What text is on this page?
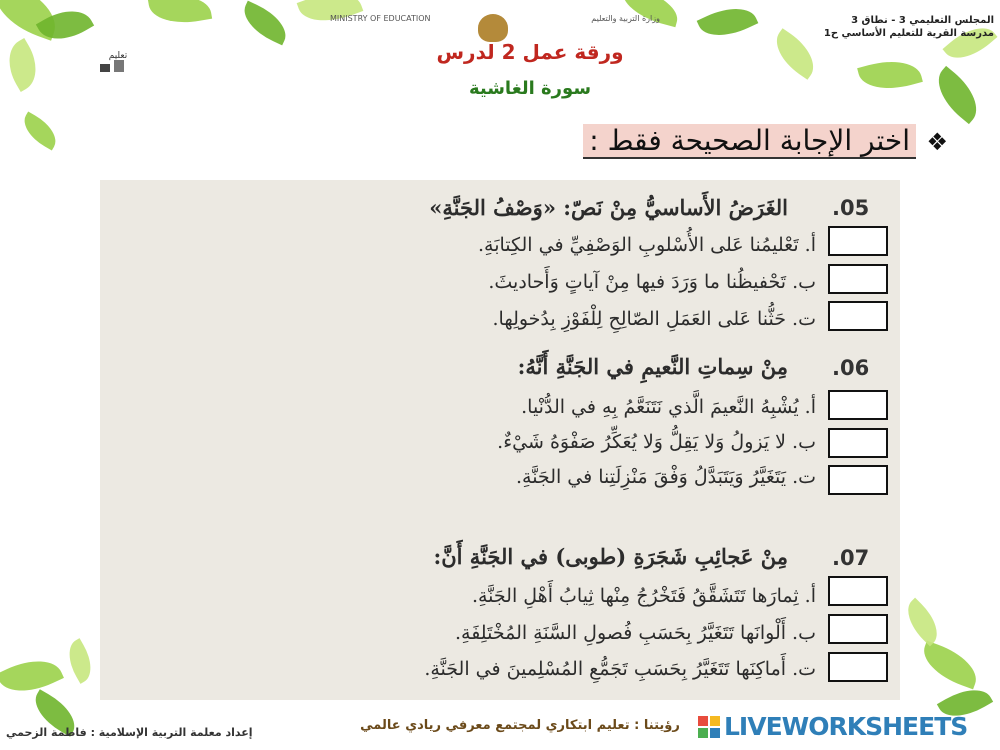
المجلس التعليمي 3 - نطاق 3
مدرسة القرية للتعليم الأساسي ح1
MINISTRY OF EDUCATION	وزارة التربية والتعليم
تعليم	ورقة عمل 2 لدرس
سورة الغاشية
اختر الإجابة الصحيحة فقط : ❖
.05
الغَرَضُ الأَساسيُّ مِنْ نَصّ: «وَصْفُ الجَنَّةِ»
أ. تَعْليمُنا عَلى الأُسْلوبِ الوَصْفِيِّ في الكِتابَةِ.
ب. تَحْفيظُنا ما وَرَدَ فيها مِنْ آياتٍ وَأَحاديثَ.
ت. حَثُّنا عَلى العَمَلِ الصّالِحِ لِلْفَوْزِ بِدُخولِها.
.06
مِنْ سِماتِ النَّعيمِ في الجَنَّةِ أَنَّهُ:
أ. يُشْبِهُ النَّعيمَ الَّذي نَتَنَعَّمُ بِهِ في الدُّنْيا.
ب. لا يَزولُ وَلا يَقِلُّ وَلا يُعَكِّرُ صَفْوَهُ شَيْءٌ.
ت. يَتَغَيَّرُ وَيَتَبَدَّلُ وَفْقَ مَنْزِلَتِنا في الجَنَّةِ.
.07
مِنْ عَجائِبِ شَجَرَةِ (طوبى) في الجَنَّةِ أَنَّ:
أ. ثِمارَها تَتَشَقَّقُ فَتَخْرُجُ مِنْها ثِيابُ أَهْلِ الجَنَّةِ.
ب. أَلْوانَها تَتَغَيَّرُ بِحَسَبِ فُصولِ السَّنَةِ المُخْتَلِفَةِ.
ت. أَماكِنَها تَتَغَيَّرُ بِحَسَبِ تَجَمُّعِ المُسْلِمينَ في الجَنَّةِ.
رؤيتنا : تعليم ابتكاري لمجتمع معرفي ريادي عالمي
إعداد معلمة التربية الإسلامية : فاطمة الزحمي	LIVEWORKSHEETS
